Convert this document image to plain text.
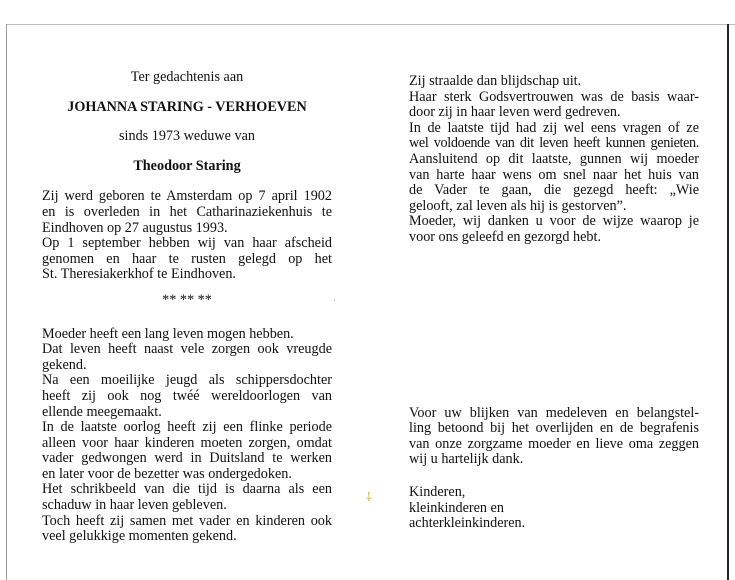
Ter gedachtenis aan
JOHANNA STARING - VERHOEVEN
sinds 1973 weduwe van
Theodoor Staring
Zij werd geboren te Amsterdam op 7 april 1902
en is overleden in het Catharinaziekenhuis te
Eindhoven op 27 augustus 1993.
Op 1 september hebben wij van haar afscheid
genomen en haar te rusten gelegd op het
St. Theresiakerkhof te Eindhoven.
** ** **
Moeder heeft een lang leven mogen hebben.
Dat leven heeft naast vele zorgen ook vreugde
gekend.
Na een moeilijke jeugd als schippersdochter
heeft zij ook nog twéé wereldoorlogen van
ellende meegemaakt.
In de laatste oorlog heeft zij een flinke periode
alleen voor haar kinderen moeten zorgen, omdat
vader gedwongen werd in Duitsland te werken
en later voor de bezetter was ondergedoken.
Het schrikbeeld van die tijd is daarna als een
schaduw in haar leven gebleven.
Toch heeft zij samen met vader en kinderen ook
veel gelukkige momenten gekend.
Zij straalde dan blijdschap uit.
Haar sterk Godsvertrouwen was de basis waar-
door zij in haar leven werd gedreven.
In de laatste tijd had zij wel eens vragen of ze
wel voldoende van dit leven heeft kunnen genieten.
Aansluitend op dit laatste, gunnen wij moeder
van harte haar wens om snel naar het huis van
de Vader te gaan, die gezegd heeft: „Wie
gelooft, zal leven als hij is gestorven”.
Moeder, wij danken u voor de wijze waarop je
voor ons geleefd en gezorgd hebt.
Voor uw blijken van medeleven en belangstel-
ling betoond bij het overlijden en de begrafenis
van onze zorgzame moeder en lieve oma zeggen
wij u hartelijk dank.
Kinderen,
kleinkinderen en
achterkleinkinderen.
⸸
·
